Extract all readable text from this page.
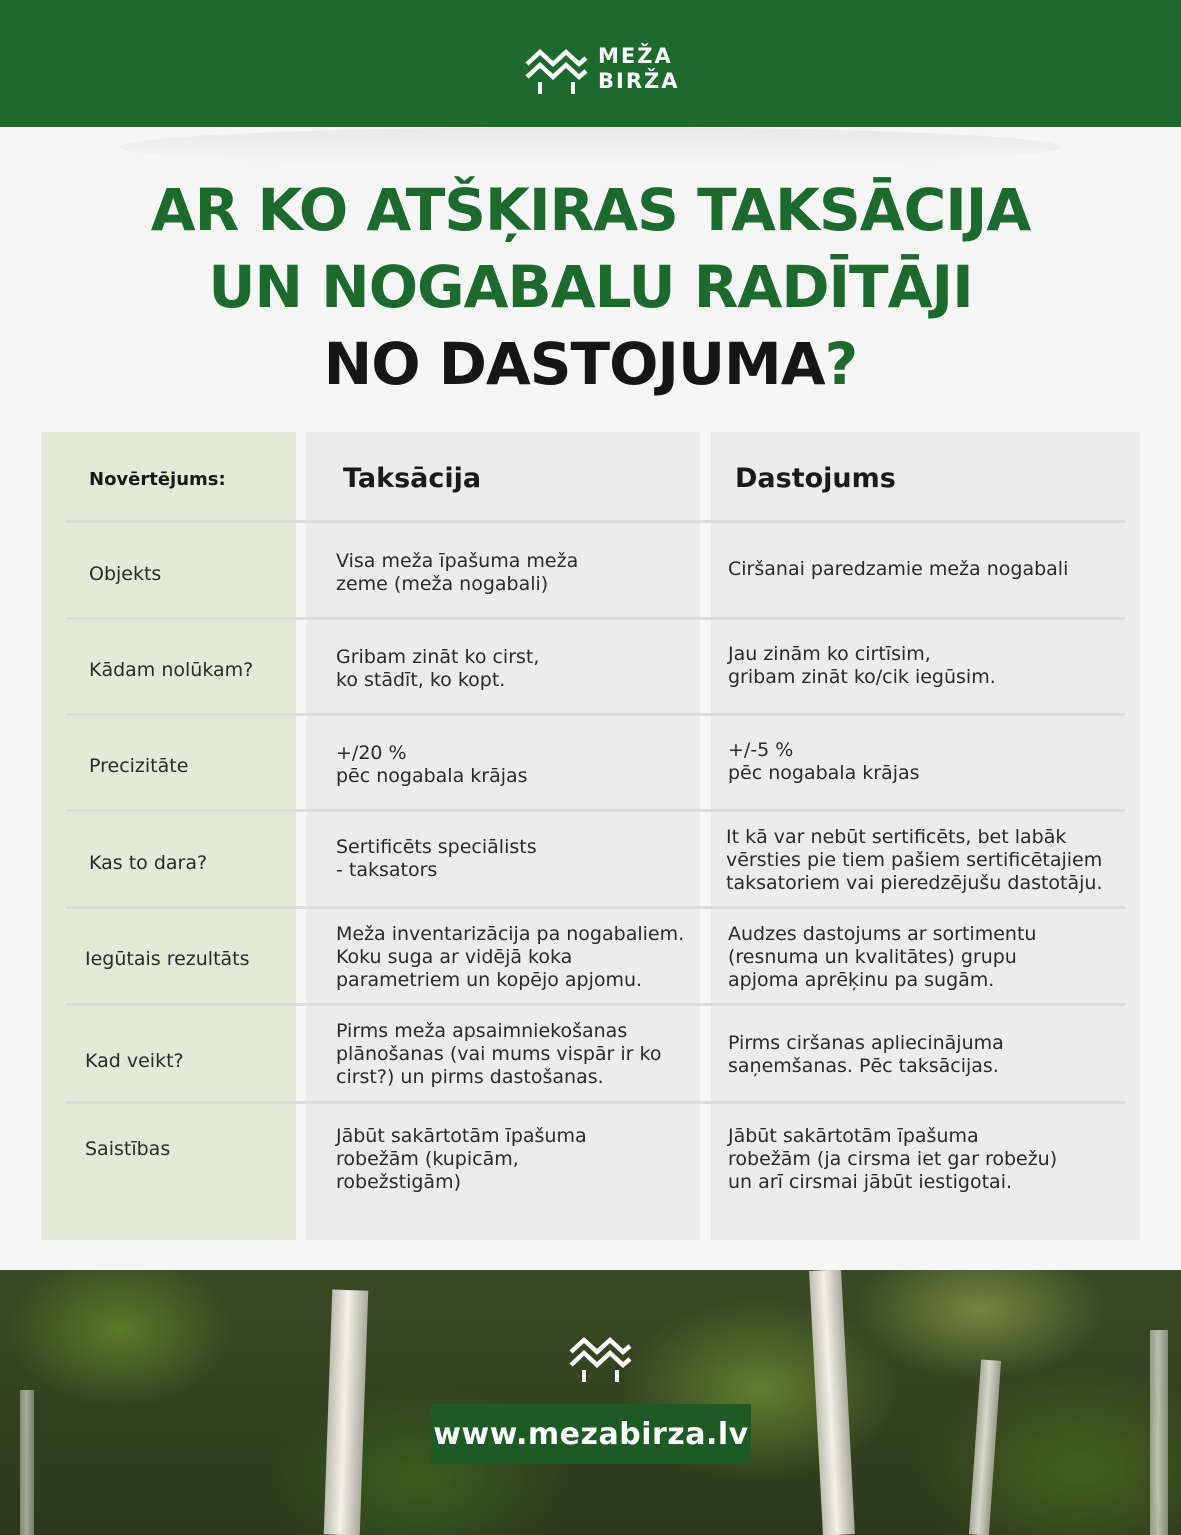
MEŽA
BIRŽA
AR KO ATŠĶIRAS TAKSĀCIJA
UN NOGABALU RADĪTĀJI
NO DASTOJUMA?
Novērtējums:	Taksācija	Dastojums
Objekts
Visa meža īpašuma meža
zeme (meža nogabali)
Ciršanai paredzamie meža nogabali
Kādam nolūkam?
Gribam zināt ko cirst,
ko stādīt, ko kopt.
Jau zinām ko cirtīsim,
gribam zināt ko/cik iegūsim.
Precizitāte
+/20 %
pēc nogabala krājas
+/-5 %
pēc nogabala krājas
Kas to dara?
Sertificēts speciālists
- taksators
It kā var nebūt sertificēts, bet labāk
vērsties pie tiem pašiem sertificētajiem
taksatoriem vai pieredzējušu dastotāju.
Iegūtais rezultāts
Meža inventarizācija pa nogabaliem.
Koku suga ar vidējā koka
parametriem un kopējo apjomu.
Audzes dastojums ar sortimentu
(resnuma un kvalitātes) grupu
apjoma aprēķinu pa sugām.
Kad veikt?
Pirms meža apsaimniekošanas
plānošanas (vai mums vispār ir ko
cirst?) un pirms dastošanas.
Pirms ciršanas apliecinājuma
saņemšanas. Pēc taksācijas.
Saistības
Jābūt sakārtotām īpašuma
robežām (kupicām,
robežstigām)
Jābūt sakārtotām īpašuma
robežām (ja cirsma iet gar robežu)
un arī cirsmai jābūt iestigotai.
www.mezabirza.lv
